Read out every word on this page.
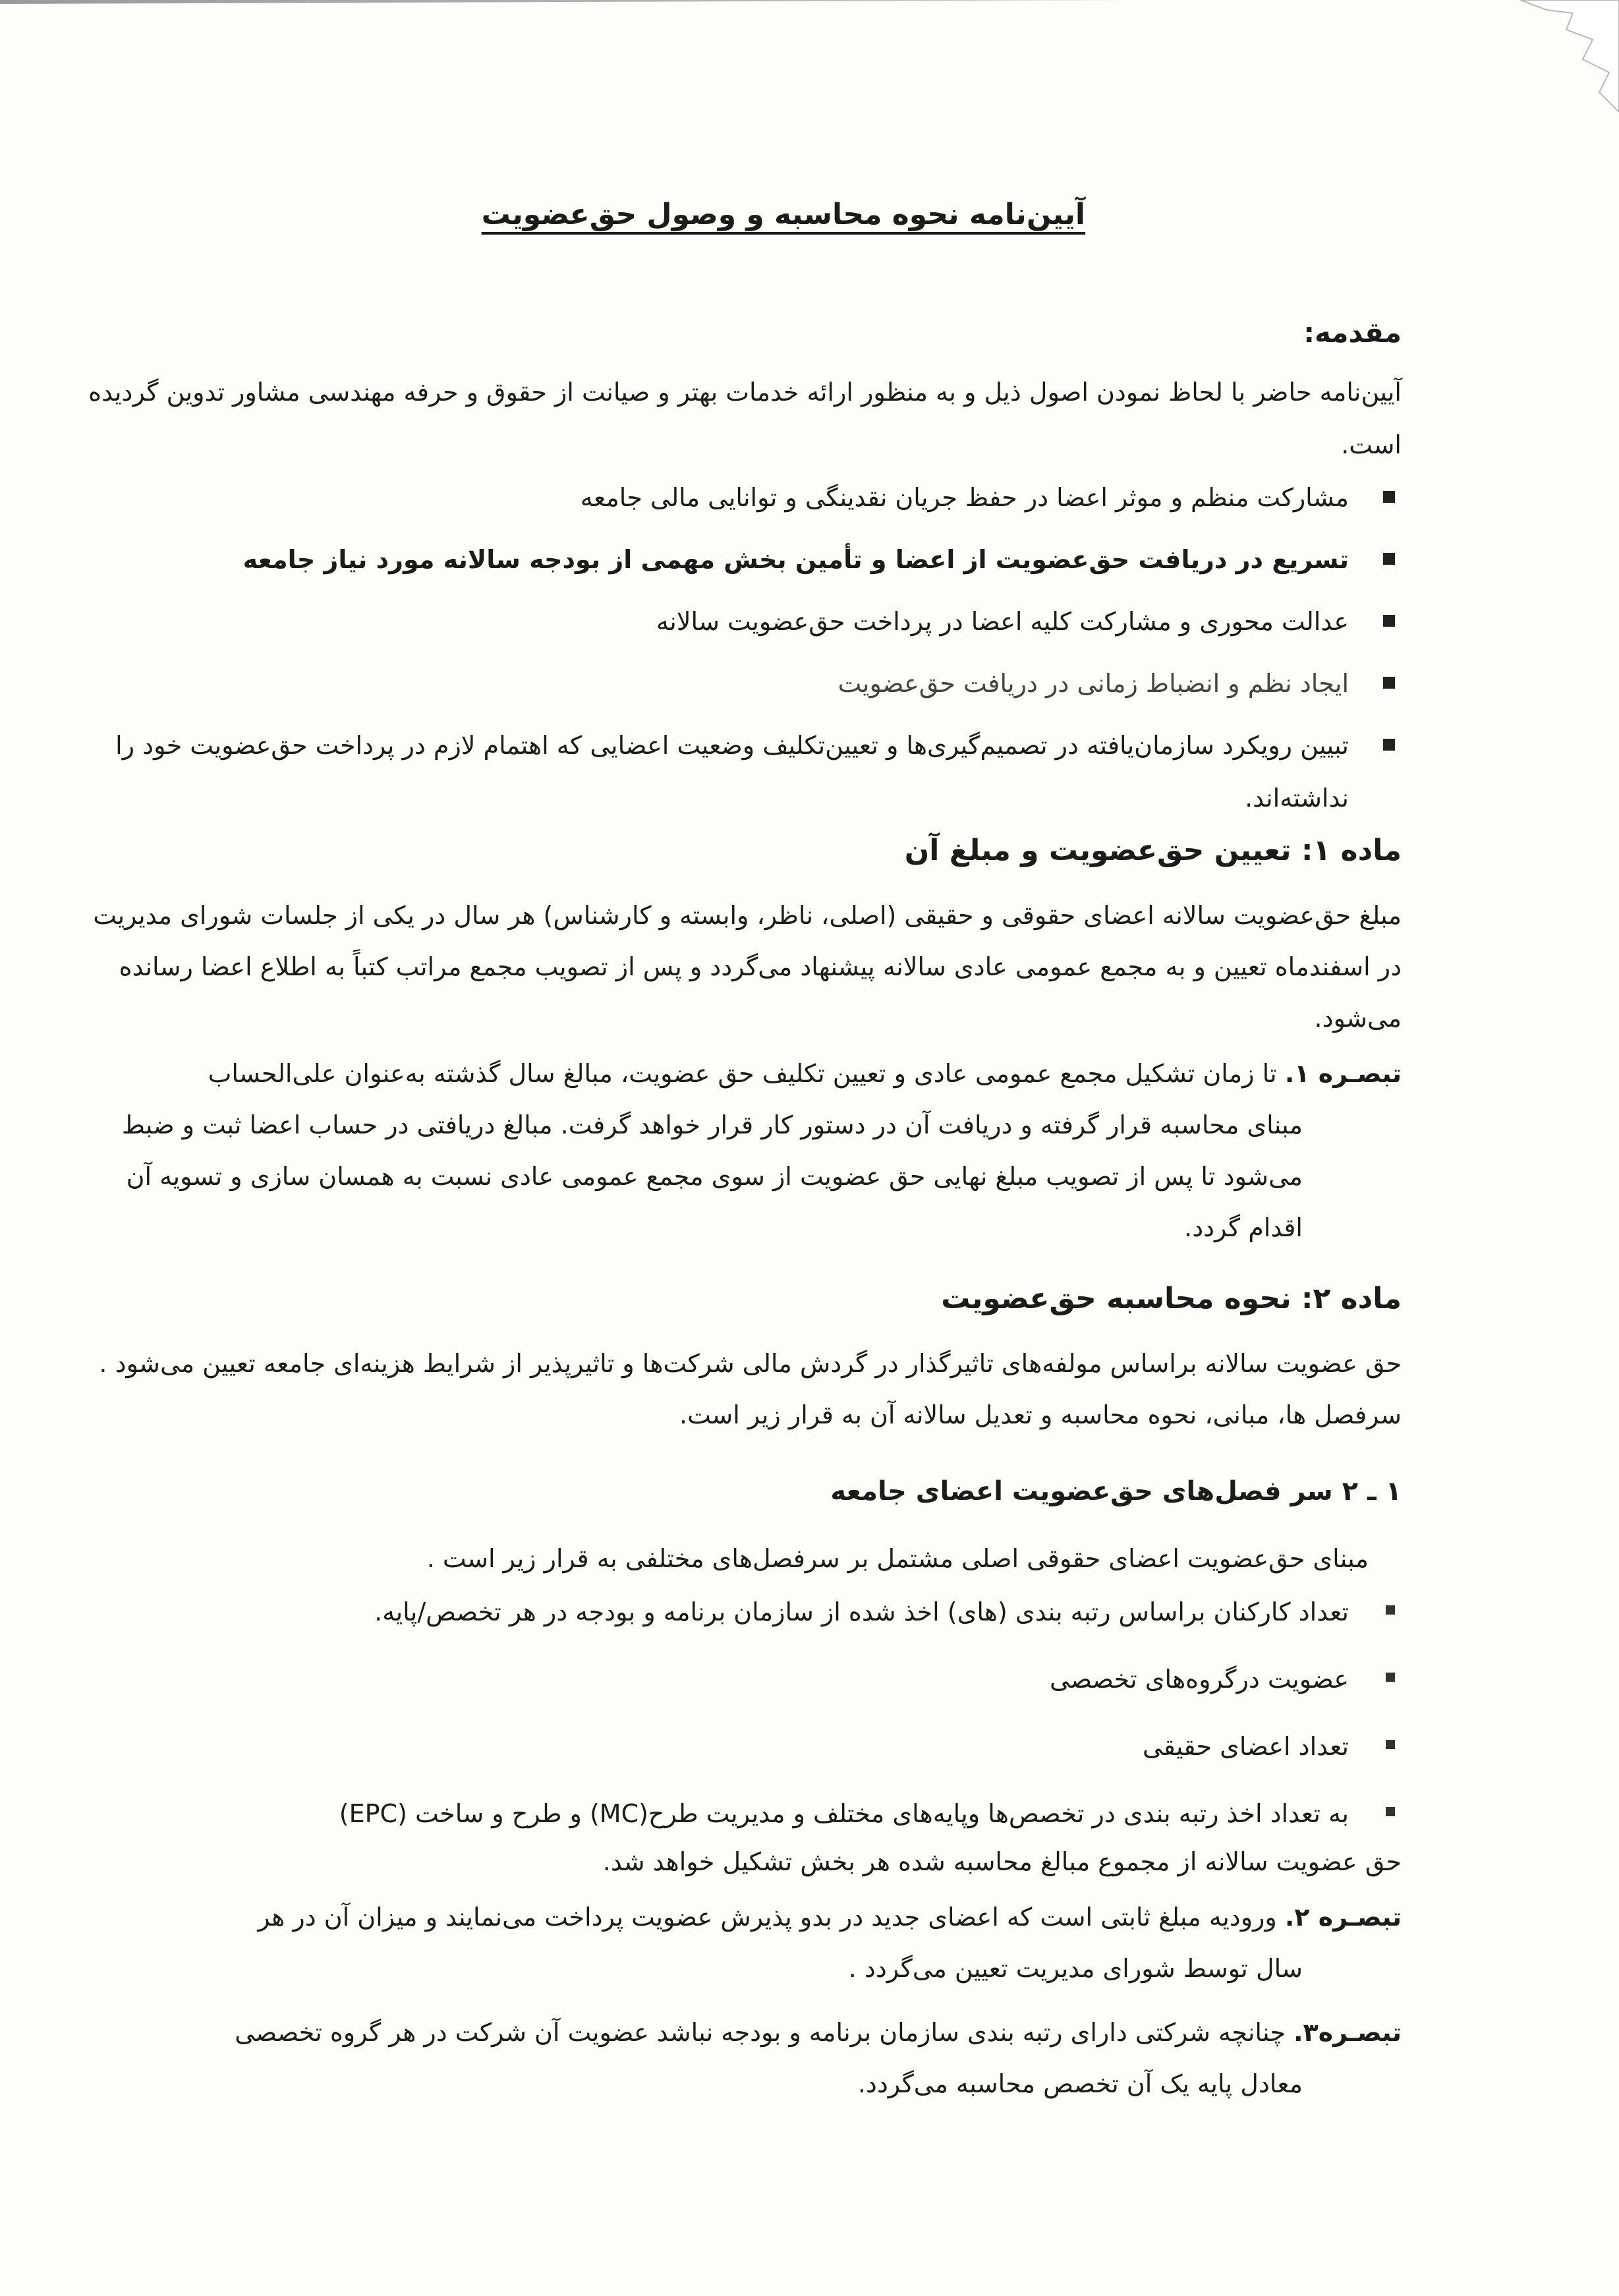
آیین‌نامه نحوه محاسبه و وصول حق‌عضویت
مقدمه:
آیین‌نامه حاضر با لحاظ نمودن اصول ذیل و به منظور ارائه خدمات بهتر و صیانت از حقوق و حرفه مهندسی مشاور تدوین گردیده است.
مشارکت منظم و موثر اعضا در حفظ جریان نقدینگی و توانایی مالی جامعه
تسریع در دریافت حق‌عضویت از اعضا و تأمین بخش مهمی از بودجه سالانه مورد نیاز جامعه
عدالت محوری و مشارکت کلیه اعضا در پرداخت حق‌عضویت سالانه
ایجاد نظم و انضباط زمانی در دریافت حق‌عضویت
تبیین رویکرد سازمان‌یافته در تصمیم‌گیری‌ها و تعیین‌تکلیف وضعیت اعضایی که اهتمام لازم در پرداخت حق‌عضویت خود را نداشته‌اند.
ماده ۱: تعیین حق‌عضویت و مبلغ آن
مبلغ حق‌عضویت سالانه اعضای حقوقی و حقیقی (اصلی، ناظر، وابسته و کارشناس) هر سال در یکی از جلسات شورای مدیریت در اسفندماه تعیین و به مجمع عمومی عادی سالانه پیشنهاد می‌گردد و پس از تصویب مجمع مراتب کتباً به اطلاع اعضا رسانده می‌شود.
تبصـره ۱. تا زمان تشکیل مجمع عمومی عادی و تعیین تکلیف حق عضویت، مبالغ سال گذشته به‌عنوان علی‌الحساب
مبنای محاسبه قرار گرفته و دریافت آن در دستور کار قرار خواهد گرفت. مبالغ دریافتی در حساب اعضا ثبت و ضبط می‌شود تا پس از تصویب مبلغ نهایی حق عضویت از سوی مجمع عمومی عادی نسبت به همسان سازی و تسویه آن اقدام گردد.
ماده ۲: نحوه محاسبه حق‌عضویت
حق عضویت سالانه براساس مولفه‌های تاثیرگذار در گردش مالی شرکت‌ها و تاثیرپذیر از شرایط هزینه‌ای جامعه تعیین می‌شود . سرفصل ها، مبانی، نحوه محاسبه و تعدیل سالانه آن به قرار زیر است.
۱ ـ ۲ سر فصل‌های حق‌عضویت اعضای جامعه
مبنای حق‌عضویت اعضای حقوقی اصلی مشتمل بر سرفصل‌های مختلفی به قرار زیر است .
تعداد کارکنان براساس رتبه بندی (های) اخذ شده از سازمان برنامه و بودجه در هر تخصص/پایه.
عضویت درگروه‌های تخصصی
تعداد اعضای حقیقی
به تعداد اخذ رتبه بندی در تخصص‌ها وپایه‌های مختلف و مدیریت طرح(MC) و طرح و ساخت (EPC)
حق عضویت سالانه از مجموع مبالغ محاسبه شده هر بخش تشکیل خواهد شد.
تبصـره ۲. ورودیه مبلغ ثابتی است که اعضای جدید در بدو پذیرش عضویت پرداخت می‌نمایند و میزان آن در هر
سال توسط شورای مدیریت تعیین می‌گردد .
تبصـره۳. چنانچه شرکتی دارای رتبه بندی سازمان برنامه و بودجه نباشد عضویت آن شرکت در هر گروه تخصصی
معادل پایه یک آن تخصص محاسبه می‌گردد.
